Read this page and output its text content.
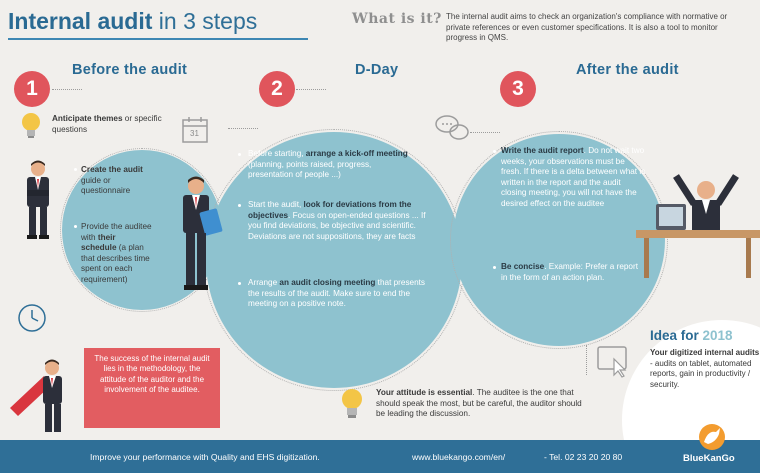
Internal audit in 3 steps	What is it? The internal audit aims to check an organization's compliance with normative or private references or even customer specifications. It is also a tool to monitor progress in QMS.
Before the audit	D-Day	After the audit
1	2	3
Anticipate themes or specific questions
Create the audit guide or questionnaire
Provide the auditee with their schedule (a plan that describes time spent on each requirement)
The success of the internal audit lies in the methodology, the attitude of the auditor and the involvement of the auditee.
31
Before starting, arrange a kick-off meeting (planning, points raised, progress, presentation of people ...)
Start the audit, look for deviations from the objectives. Focus on open-ended questions ... If you find deviations, be objective and scientific. Deviations are not suppositions, they are facts
Arrange an audit closing meeting that presents the results of the audit. Make sure to end the meeting on a positive note.
Your attitude is essential. The auditee is the one that should speak the most, but be careful, the auditor should be leading the discussion.
Write the audit report. Do not wait two weeks, your observations must be fresh. If there is a delta between what is written in the report and the audit closing meeting, you will not have the desired effect on the auditee
Be concise. Example: Prefer a report in the form of an action plan.
Idea for 2018
Your digitized internal audits - audits on tablet, automated reports, gain in productivity / security.
Improve your performance with Quality and EHS digitization.	www.bluekango.com/en/	- Tel. 02 23 20 20 80	BlueKanGo
